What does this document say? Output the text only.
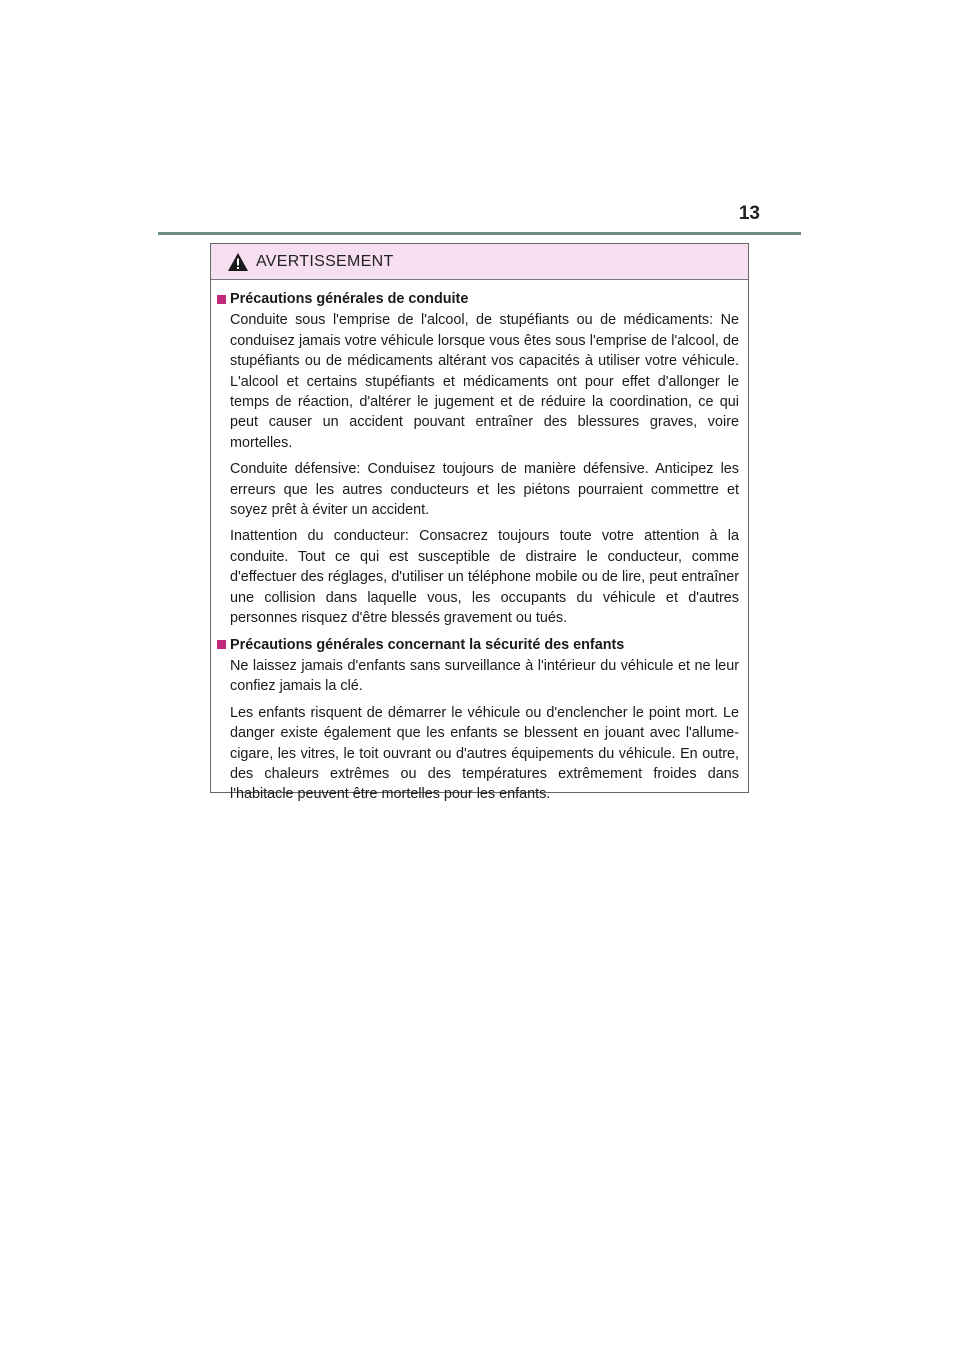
13
AVERTISSEMENT
Précautions générales de conduite

Conduite sous l'emprise de l'alcool, de stupéfiants ou de médicaments: Ne conduisez jamais votre véhicule lorsque vous êtes sous l'emprise de l'alcool, de stupéfiants ou de médicaments altérant vos capacités à utiliser votre véhicule. L'alcool et certains stupéfiants et médicaments ont pour effet d'allonger le temps de réaction, d'altérer le jugement et de réduire la coordination, ce qui peut causer un accident pouvant entraîner des blessures graves, voire mortelles.

Conduite défensive: Conduisez toujours de manière défensive. Anticipez les erreurs que les autres conducteurs et les piétons pourraient commettre et soyez prêt à éviter un accident.

Inattention du conducteur: Consacrez toujours toute votre attention à la conduite. Tout ce qui est susceptible de distraire le conducteur, comme d'effectuer des réglages, d'utiliser un téléphone mobile ou de lire, peut entraîner une collision dans laquelle vous, les occupants du véhicule et d'autres personnes risquez d'être blessés gravement ou tués.

Précautions générales concernant la sécurité des enfants

Ne laissez jamais d'enfants sans surveillance à l'intérieur du véhicule et ne leur confiez jamais la clé.

Les enfants risquent de démarrer le véhicule ou d'enclencher le point mort. Le danger existe également que les enfants se blessent en jouant avec l'allume-cigare, les vitres, le toit ouvrant ou d'autres équipements du véhicule. En outre, des chaleurs extrêmes ou des températures extrêmement froides dans l'habitacle peuvent être mortelles pour les enfants.
